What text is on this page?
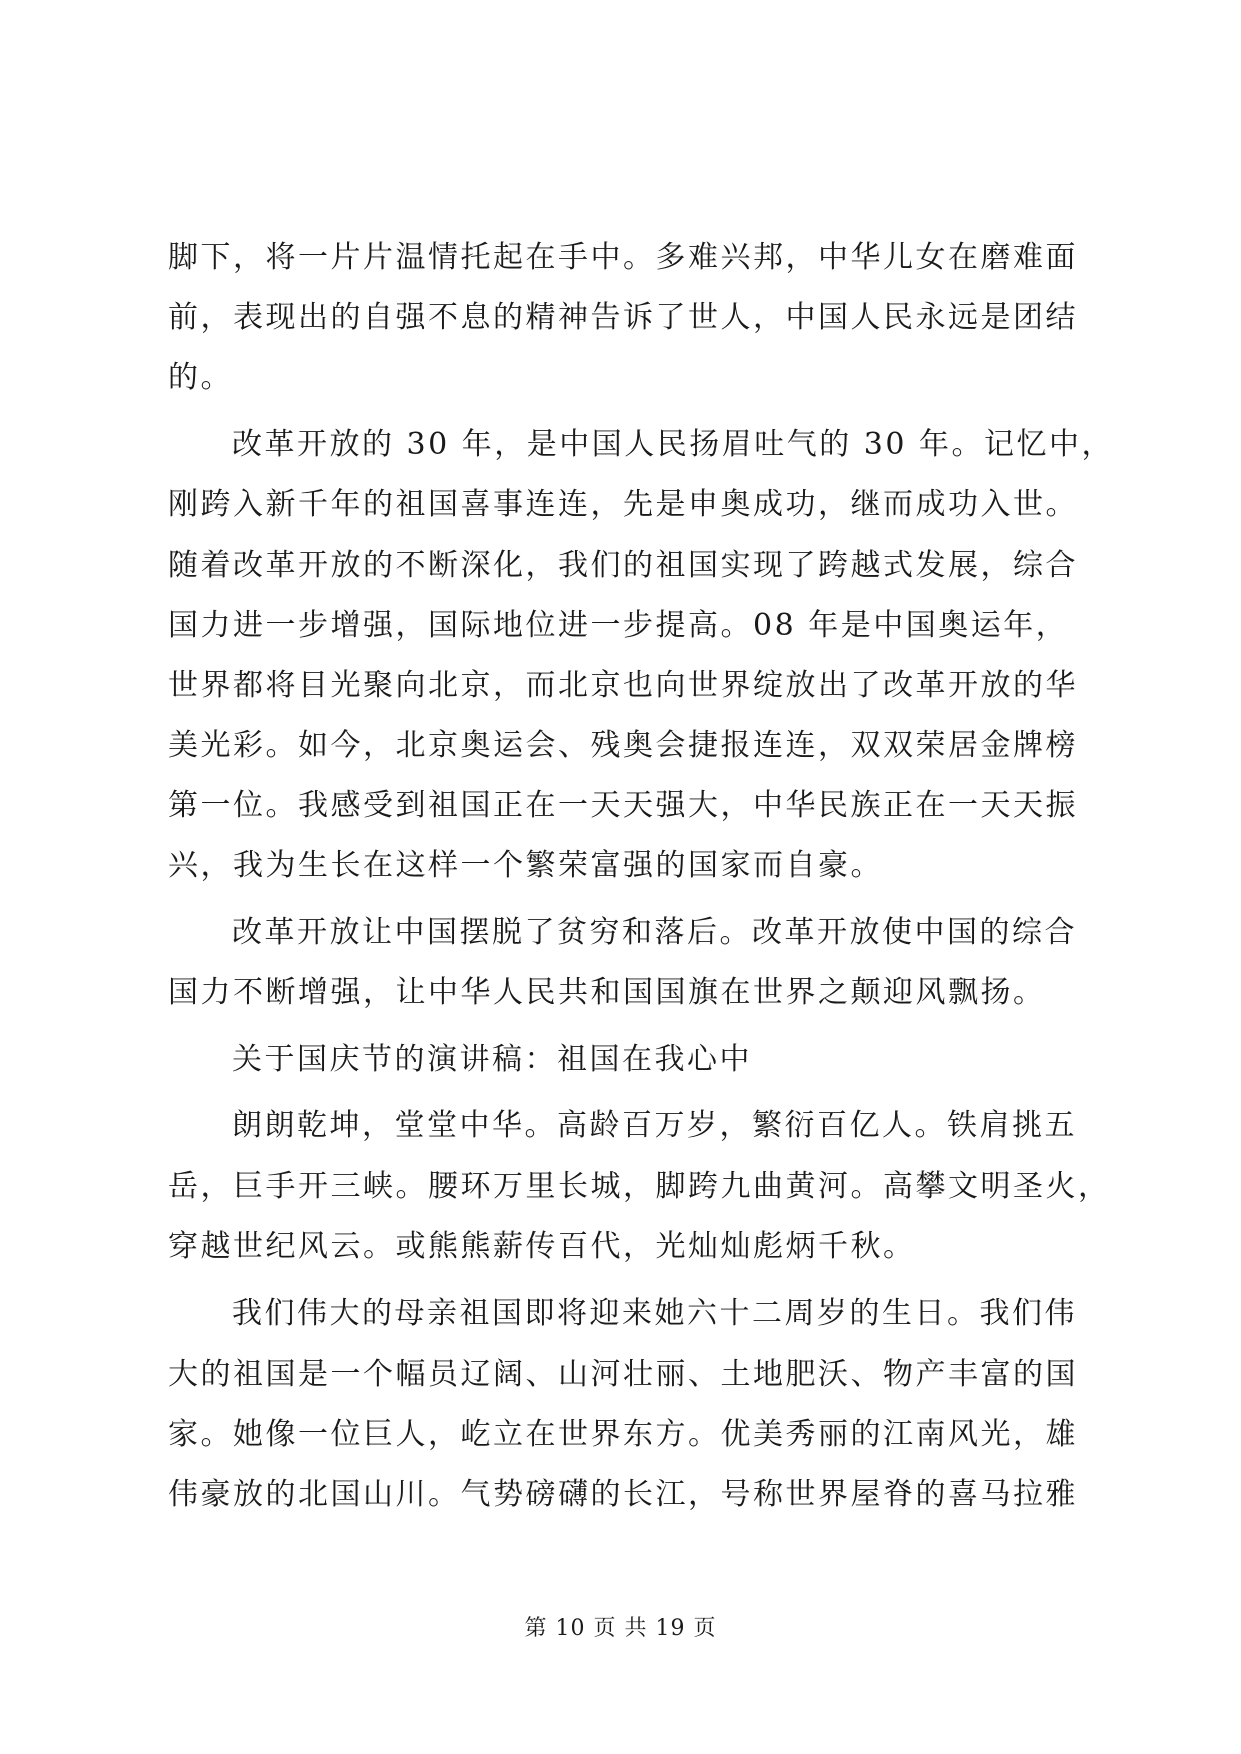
脚下，将一片片温情托起在手中。多难兴邦，中华儿女在磨难面
前，表现出的自强不息的精神告诉了世人，中国人民永远是团结
的。
改革开放的 30 年，是中国人民扬眉吐气的 30 年。记忆中，
刚跨入新千年的祖国喜事连连，先是申奥成功，继而成功入世。
随着改革开放的不断深化，我们的祖国实现了跨越式发展，综合
国力进一步增强，国际地位进一步提高。08 年是中国奥运年，
世界都将目光聚向北京，而北京也向世界绽放出了改革开放的华
美光彩。如今，北京奥运会、残奥会捷报连连，双双荣居金牌榜
第一位。我感受到祖国正在一天天强大，中华民族正在一天天振
兴，我为生长在这样一个繁荣富强的国家而自豪。
改革开放让中国摆脱了贫穷和落后。改革开放使中国的综合
国力不断增强，让中华人民共和国国旗在世界之颠迎风飘扬。
关于国庆节的演讲稿：祖国在我心中
朗朗乾坤，堂堂中华。高龄百万岁，繁衍百亿人。铁肩挑五
岳，巨手开三峡。腰环万里长城，脚跨九曲黄河。高攀文明圣火，
穿越世纪风云。或熊熊薪传百代，光灿灿彪炳千秋。
我们伟大的母亲祖国即将迎来她六十二周岁的生日。我们伟
大的祖国是一个幅员辽阔、山河壮丽、土地肥沃、物产丰富的国
家。她像一位巨人，屹立在世界东方。优美秀丽的江南风光，雄
伟豪放的北国山川。气势磅礴的长江，号称世界屋脊的喜马拉雅
第 10 页 共 19 页
